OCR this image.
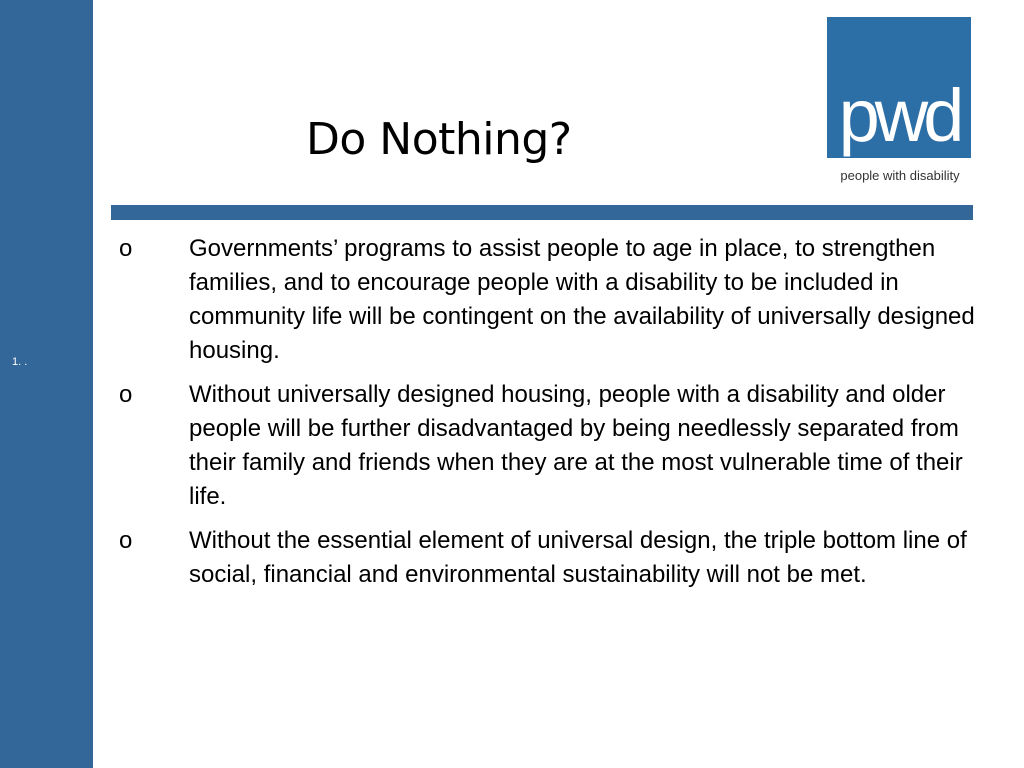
1. .
Do Nothing?	pwd
people with disability
o	Governments’ programs to assist people to age in place, to strengthen families, and to encourage people with a disability to be included in community life will be contingent on the availability of universally designed housing.
o	Without universally designed housing, people with a disability and older people will be further disadvantaged by being needlessly separated from their family and friends when they are at the most vulnerable time of their life.
o	Without the essential element of universal design, the triple bottom line of social, financial and environmental sustainability will not be met.
